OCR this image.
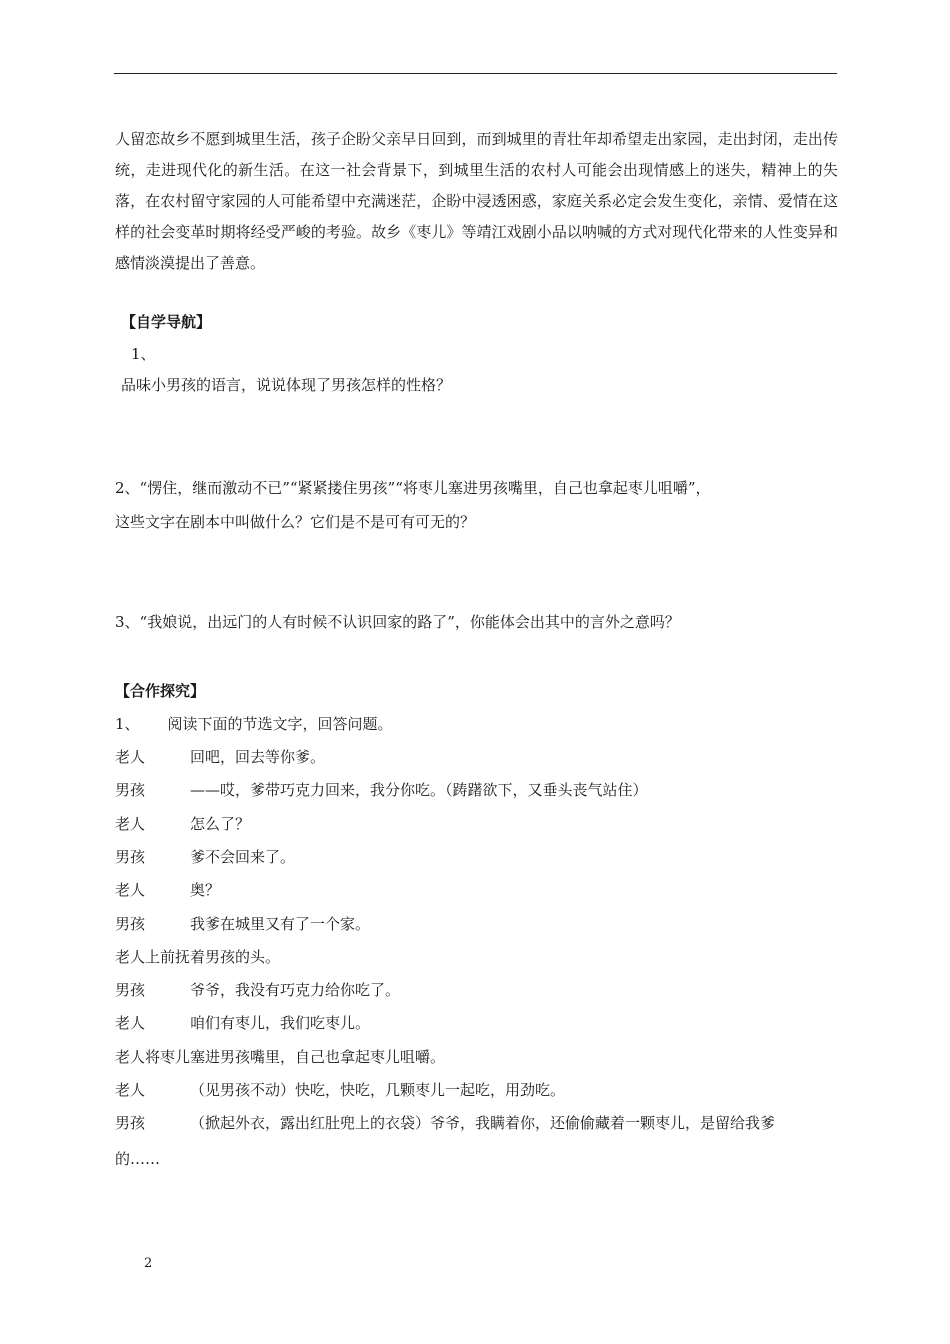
人留恋故乡不愿到城里生活，孩子企盼父亲早日回到，而到城里的青壮年却希望走出家园，走出封闭，走出传统，走进现代化的新生活。在这一社会背景下，到城里生活的农村人可能会出现情感上的迷失，精神上的失落，在农村留守家园的人可能希望中充满迷茫，企盼中浸透困惑，家庭关系必定会发生变化，亲情、爱情在这样的社会变革时期将经受严峻的考验。故乡《枣儿》等靖江戏剧小品以呐喊的方式对现代化带来的人性变异和感情淡漠提出了善意。
【自学导航】
1、
品味小男孩的语言，说说体现了男孩怎样的性格？
2、“愣住，继而激动不已”“紧紧搂住男孩”“将枣儿塞进男孩嘴里，自己也拿起枣儿咀嚼”，
这些文字在剧本中叫做什么？它们是不是可有可无的？
3、“我娘说，出远门的人有时候不认识回家的路了”，你能体会出其中的言外之意吗？
【合作探究】
1、 阅读下面的节选文字，回答问题。
老人	回吧，回去等你爹。
男孩	——哎，爹带巧克力回来，我分你吃。（踌躇欲下，又垂头丧气站住）
老人	怎么了？
男孩	爹不会回来了。
老人	奥？
男孩	我爹在城里又有了一个家。
老人上前抚着男孩的头。
男孩	爷爷，我没有巧克力给你吃了。
老人	咱们有枣儿，我们吃枣儿。
老人将枣儿塞进男孩嘴里，自己也拿起枣儿咀嚼。
老人	（见男孩不动）快吃，快吃，几颗枣儿一起吃，用劲吃。
男孩	（掀起外衣，露出红肚兜上的衣袋）爷爷，我瞒着你，还偷偷藏着一颗枣儿，是留给我爹
的……
2
